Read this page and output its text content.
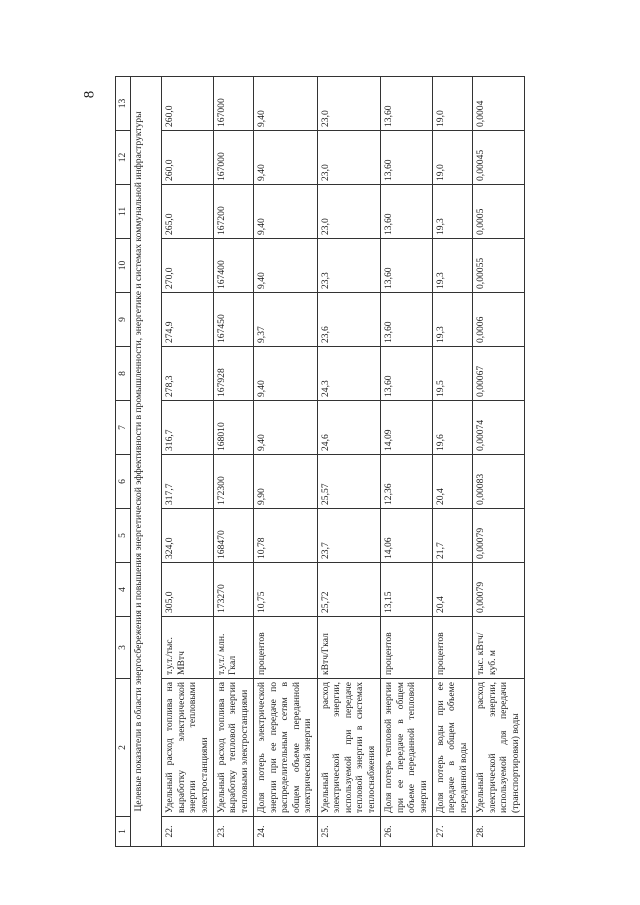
8
1	2	3	4	5	6	7	8	9	10	11	12	13
Целевые показатели в области энергосбережения и повышения энергетической эффективности в промышленности, энергетике и системах коммунальной инфраструктуры												
22.	Удельный расход топлива на выработку электрической энергии тепловыми электростанциями	т.у.т./тыс. МВтч	305,0	324,0	317,7	316,7	278,3	274,9	270,0	265,0	260,0	260,0
23.	Удельный расход топлива на выработку тепловой энергии тепловыми электростанциями	т.у.т./ млн. Гкал	173270	168470	172300	168010	167928	167450	167400	167200	167000	167000
24.	Доля потерь электрической энергии при ее передаче по распределительным сетям в общем объеме переданной электрической энергии	процентов	10,75	10,78	9,90	9,40	9,40	9,37	9,40	9,40	9,40	9,40
25.	Удельный расход электрической энергии, используемой при передаче тепловой энергии в системах теплоснабжения	кВтч/Гкал	25,72	23,7	25,57	24,6	24,3	23,6	23,3	23,0	23,0	23,0
26.	Доля потерь тепловой энергии при ее передаче в общем объеме переданной тепловой энергии	процентов	13,15	14,06	12,36	14,09	13,60	13,60	13,60	13,60	13,60	13,60
27.	Доля потерь воды при ее передаче в общем объеме переданной воды	процентов	20,4	21,7	20,4	19,6	19,5	19,3	19,3	19,3	19,0	19,0
28.	Удельный расход электрической энергии, используемой для передачи (транспортировки) воды	тыс. кВтч/ куб. м	0,00079	0,00079	0,00083	0,00074	0,00067	0,0006	0,00055	0,0005	0,00045	0,0004
